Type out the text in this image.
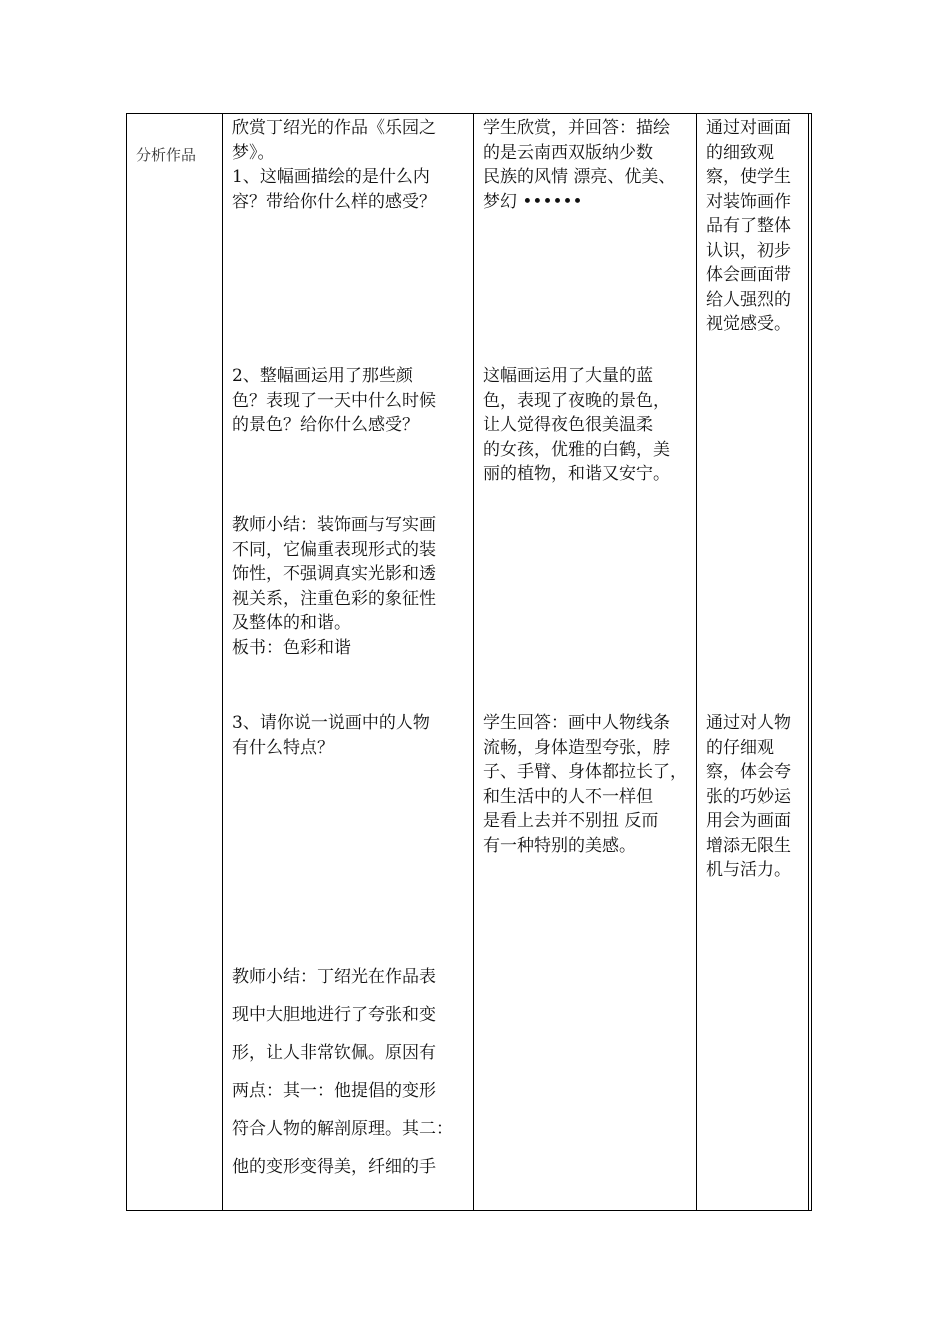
分析作品

欣赏丁绍光的作品《乐园之

梦》。

1、这幅画描绘的是什么内

容？带给你什么样的感受？

学生欣赏，并回答：描绘

的是云南西双版纳少数

民族的风情 漂亮、优美、

梦幻 ••••••

通过对画面

的细致观

察，使学生

对装饰画作

品有了整体

认识，初步

体会画面带

给人强烈的

视觉感受。

2、整幅画运用了那些颜

色？表现了一天中什么时候

的景色？给你什么感受？

这幅画运用了大量的蓝

色，表现了夜晚的景色，

让人觉得夜色很美温柔

的女孩，优雅的白鹤，美

丽的植物，和谐又安宁。

教师小结：装饰画与写实画

不同，它偏重表现形式的装

饰性，不强调真实光影和透

视关系，注重色彩的象征性

及整体的和谐。

板书：色彩和谐

3、请你说一说画中的人物

有什么特点？

学生回答：画中人物线条

流畅，身体造型夸张，脖

子、手臂、身体都拉长了，

和生活中的人不一样但

是看上去并不别扭 反而

有一种特别的美感。

通过对人物

的仔细观

察，体会夸

张的巧妙运

用会为画面

增添无限生

机与活力。

教师小结：丁绍光在作品表

现中大胆地进行了夸张和变

形，让人非常钦佩。原因有

两点：其一：他提倡的变形

符合人物的解剖原理。其二：

他的变形变得美，纤细的手
